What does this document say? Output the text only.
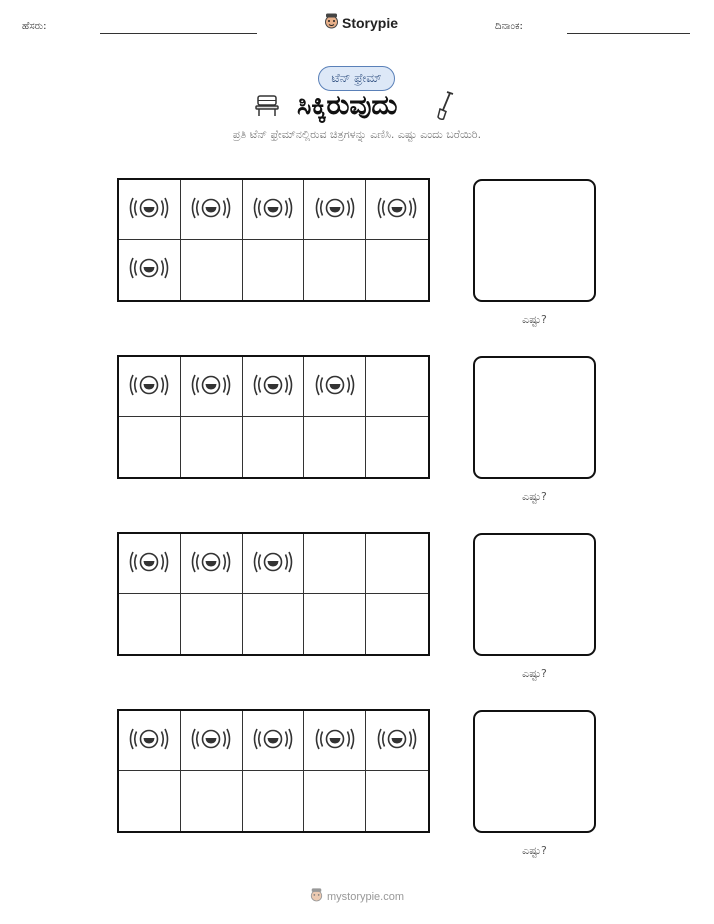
ಹೆಸರು:	Storypie	ದಿನಾಂಕ:
ಟೆನ್ ಫ್ರೇಮ್
ಸಿಕ್ಕಿರುವುದು
ಪ್ರತಿ ಟೆನ್ ಫ್ರೇಮ್‌ನಲ್ಲಿರುವ ಚಿತ್ರಗಳನ್ನು ಎಣಿಸಿ. ಎಷ್ಟು ಎಂದು ಬರೆಯಿರಿ.
ಎಷ್ಟು?
ಎಷ್ಟು?
ಎಷ್ಟು?
ಎಷ್ಟು?
mystorypie.com
